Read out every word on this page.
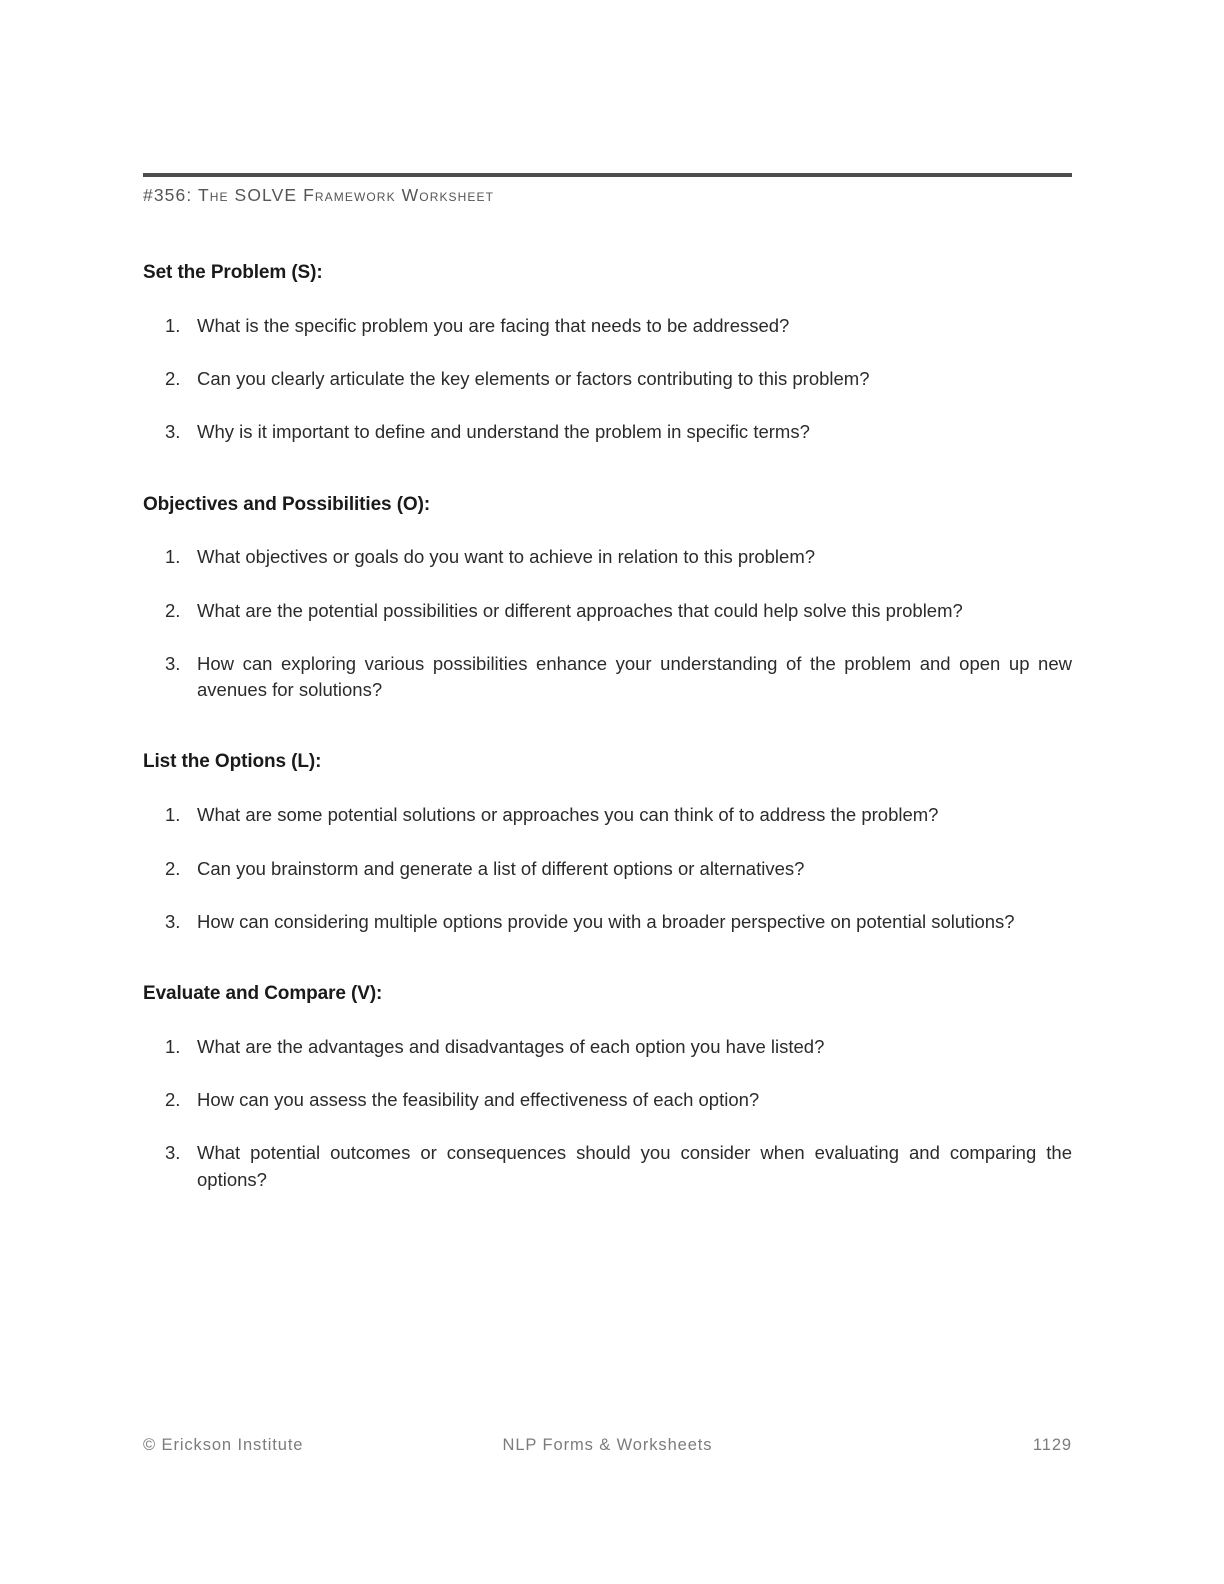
#356: The SOLVE Framework Worksheet
Set the Problem (S):
1. What is the specific problem you are facing that needs to be addressed?
2. Can you clearly articulate the key elements or factors contributing to this problem?
3. Why is it important to define and understand the problem in specific terms?
Objectives and Possibilities (O):
1. What objectives or goals do you want to achieve in relation to this problem?
2. What are the potential possibilities or different approaches that could help solve this problem?
3. How can exploring various possibilities enhance your understanding of the problem and open up new avenues for solutions?
List the Options (L):
1. What are some potential solutions or approaches you can think of to address the problem?
2. Can you brainstorm and generate a list of different options or alternatives?
3. How can considering multiple options provide you with a broader perspective on potential solutions?
Evaluate and Compare (V):
1. What are the advantages and disadvantages of each option you have listed?
2. How can you assess the feasibility and effectiveness of each option?
3. What potential outcomes or consequences should you consider when evaluating and comparing the options?
© Erickson Institute	NLP Forms & Worksheets	1129
